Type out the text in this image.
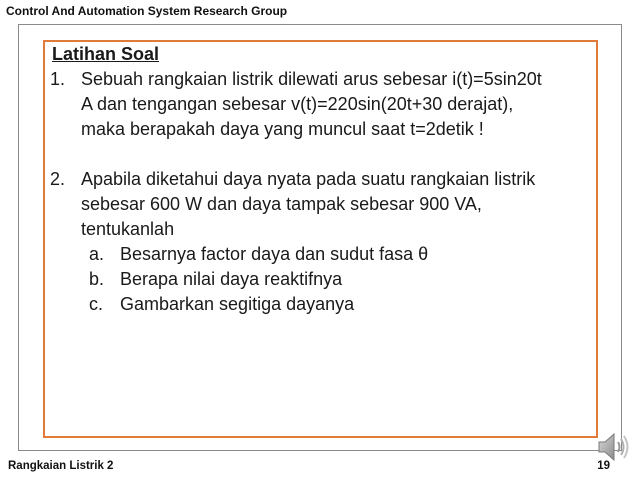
Control And Automation System Research Group
Latihan Soal
1. Sebuah rangkaian listrik dilewati arus sebesar i(t)=5sin20t
A dan tengangan sebesar v(t)=220sin(20t+30 derajat),
maka berapakah daya yang muncul saat t=2detik !
2. Apabila diketahui daya nyata pada suatu rangkaian listrik
sebesar 600 W dan daya tampak sebesar 900 VA,
tentukanlah
a. Besarnya factor daya dan sudut fasa θ
b. Berapa nilai daya reaktifnya
c. Gambarkan segitiga dayanya
Rangkaian Listrik 2	19
